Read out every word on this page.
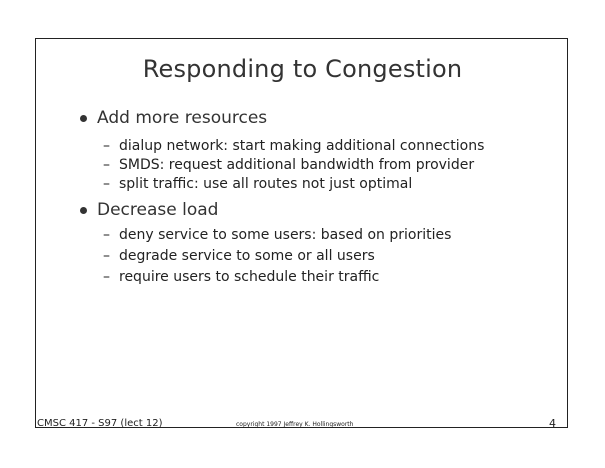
Responding to Congestion
Add more resources
– dialup network: start making additional connections
– SMDS: request additional bandwidth from provider
– split traffic: use all routes not just optimal
Decrease load
– deny service to some users: based on priorities
– degrade service to some or all users
– require users to schedule their traffic
CMSC 417 - S97 (lect 12)	copyright 1997 Jeffrey K. Hollingsworth	4
